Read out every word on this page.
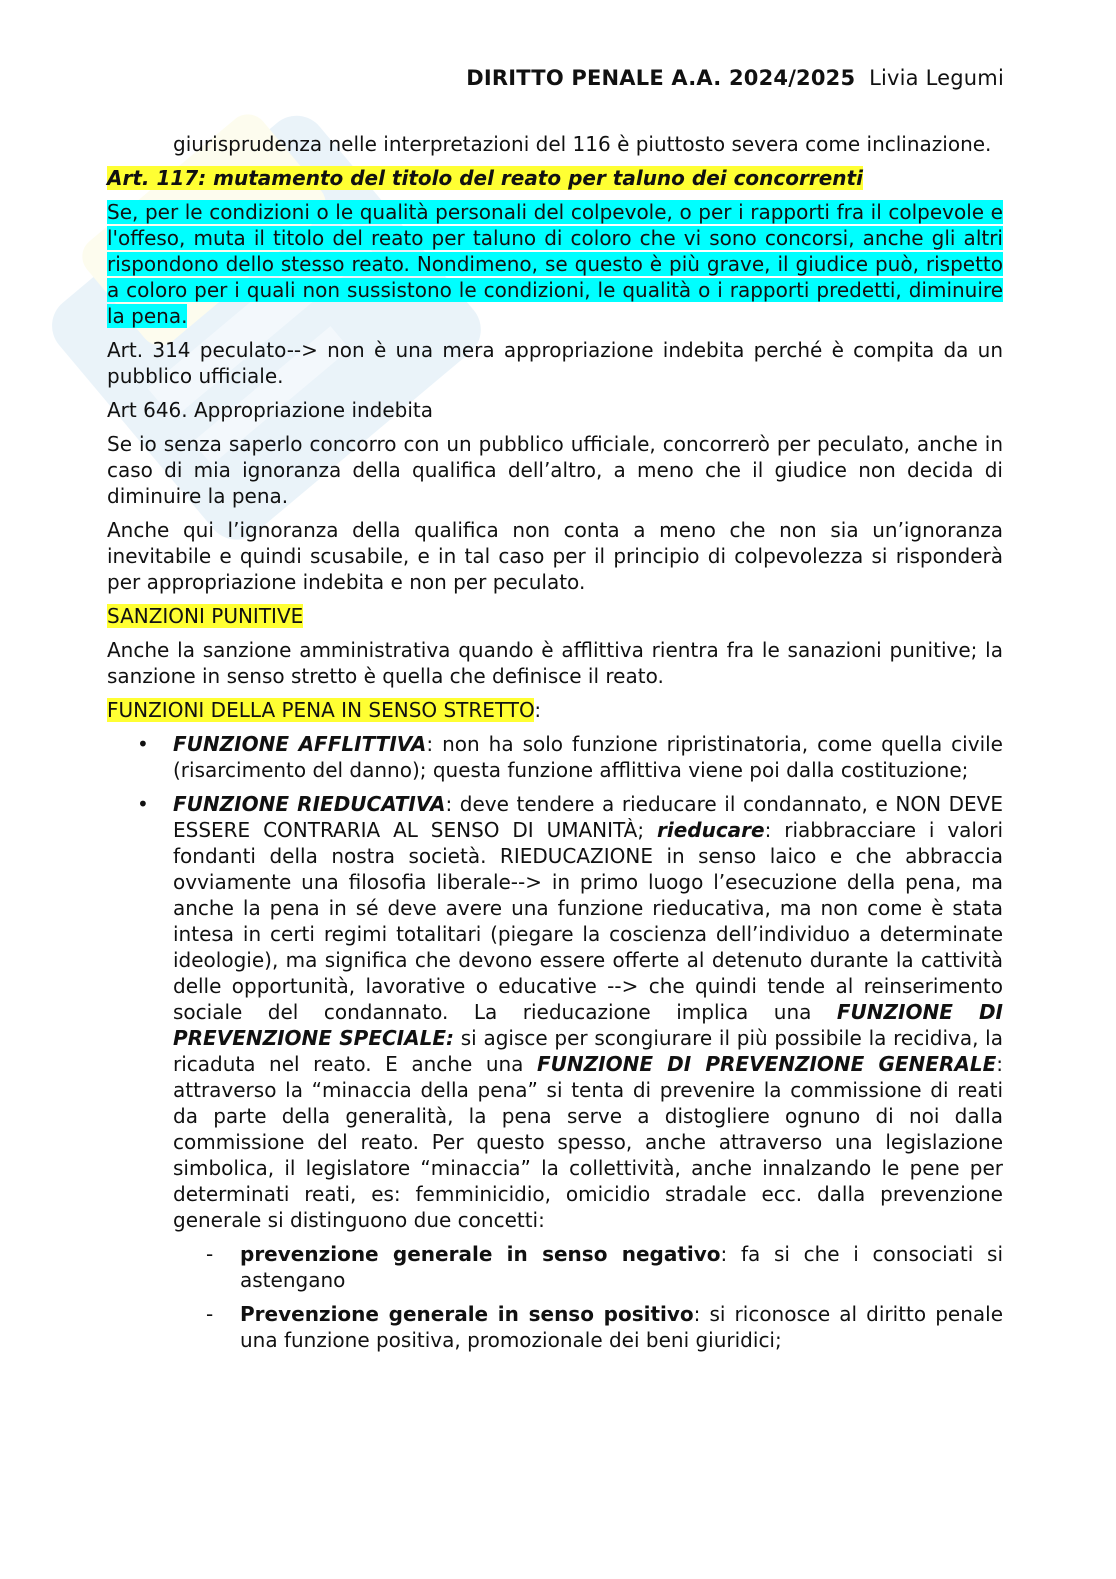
DIRITTO PENALE A.A. 2024/2025 Livia Legumi

giurisprudenza nelle interpretazioni del 116 è piuttosto severa come inclinazione.

Art. 117: mutamento del titolo del reato per taluno dei concorrenti

Se, per le condizioni o le qualità personali del colpevole, o per i rapporti fra il colpevole e l'offeso, muta il titolo del reato per taluno di coloro che vi sono concorsi, anche gli altri rispondono dello stesso reato. Nondimeno, se questo è più grave, il giudice può, rispetto a coloro per i quali non sussistono le condizioni, le qualità o i rapporti predetti, diminuire la pena.

Art. 314 peculato--> non è una mera appropriazione indebita perché è compita da un pubblico ufficiale.

Art 646. Appropriazione indebita

Se io senza saperlo concorro con un pubblico ufficiale, concorrerò per peculato, anche in caso di mia ignoranza della qualifica dell’altro, a meno che il giudice non decida di diminuire la pena.

Anche qui l’ignoranza della qualifica non conta a meno che non sia un’ignoranza inevitabile e quindi scusabile, e in tal caso per il principio di colpevolezza si risponderà per appropriazione indebita e non per peculato.

SANZIONI PUNITIVE

Anche la sanzione amministrativa quando è afflittiva rientra fra le sanazioni punitive; la sanzione in senso stretto è quella che definisce il reato.

FUNZIONI DELLA PENA IN SENSO STRETTO:

• FUNZIONE AFFLITTIVA: non ha solo funzione ripristinatoria, come quella civile (risarcimento del danno); questa funzione afflittiva viene poi dalla costituzione;
• FUNZIONE RIEDUCATIVA: deve tendere a rieducare il condannato, e NON DEVE ESSERE CONTRARIA AL SENSO DI UMANITÀ; rieducare: riabbracciare i valori fondanti della nostra società. RIEDUCAZIONE in senso laico e che abbraccia ovviamente una filosofia liberale--> in primo luogo l’esecuzione della pena, ma anche la pena in sé deve avere una funzione rieducativa, ma non come è stata intesa in certi regimi totalitari (piegare la coscienza dell’individuo a determinate ideologie), ma significa che devono essere offerte al detenuto durante la cattività delle opportunità, lavorative o educative --> che quindi tende al reinserimento sociale del condannato. La rieducazione implica una FUNZIONE DI PREVENZIONE SPECIALE: si agisce per scongiurare il più possibile la recidiva, la ricaduta nel reato. E anche una FUNZIONE DI PREVENZIONE GENERALE: attraverso la “minaccia della pena” si tenta di prevenire la commissione di reati da parte della generalità, la pena serve a distogliere ognuno di noi dalla commissione del reato. Per questo spesso, anche attraverso una legislazione simbolica, il legislatore “minaccia” la collettività, anche innalzando le pene per determinati reati, es: femminicidio, omicidio stradale ecc. dalla prevenzione generale si distinguono due concetti:
- prevenzione generale in senso negativo: fa si che i consociati si astengano
- Prevenzione generale in senso positivo: si riconosce al diritto penale una funzione positiva, promozionale dei beni giuridici;
